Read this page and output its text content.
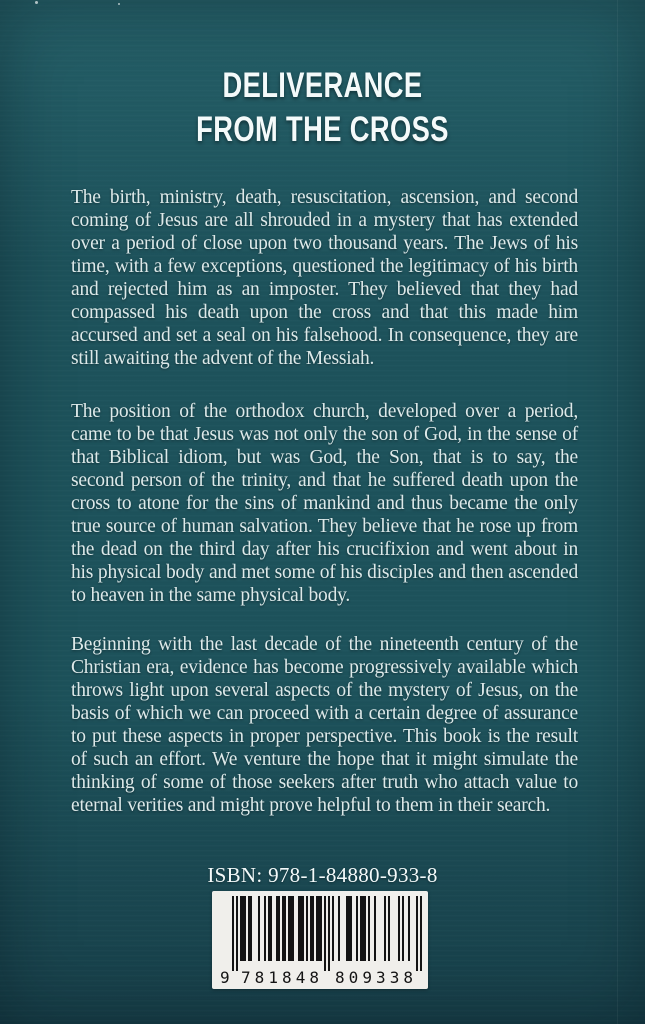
DELIVERANCE
FROM THE CROSS

The birth, ministry, death, resuscitation, ascension, and second coming of Jesus are all shrouded in a mystery that has extended over a period of close upon two thousand years. The Jews of his time, with a few exceptions, questioned the legitimacy of his birth and rejected him as an imposter. They believed that they had compassed his death upon the cross and that this made him accursed and set a seal on his falsehood. In consequence, they are still awaiting the advent of the Messiah.

The position of the orthodox church, developed over a period, came to be that Jesus was not only the son of God, in the sense of that Biblical idiom, but was God, the Son, that is to say, the second person of the trinity, and that he suffered death upon the cross to atone for the sins of mankind and thus became the only true source of human salvation. They believe that he rose up from the dead on the third day after his crucifixion and went about in his physical body and met some of his disciples and then ascended to heaven in the same physical body.

Beginning with the last decade of the nineteenth century of the Christian era, evidence has become progressively available which throws light upon several aspects of the mystery of Jesus, on the basis of which we can proceed with a certain degree of assurance to put these aspects in proper perspective. This book is the result of such an effort. We venture the hope that it might simulate the thinking of some of those seekers after truth who attach value to eternal verities and might prove helpful to them in their search.

ISBN: 978-1-84880-933-8
9 781848 809338
